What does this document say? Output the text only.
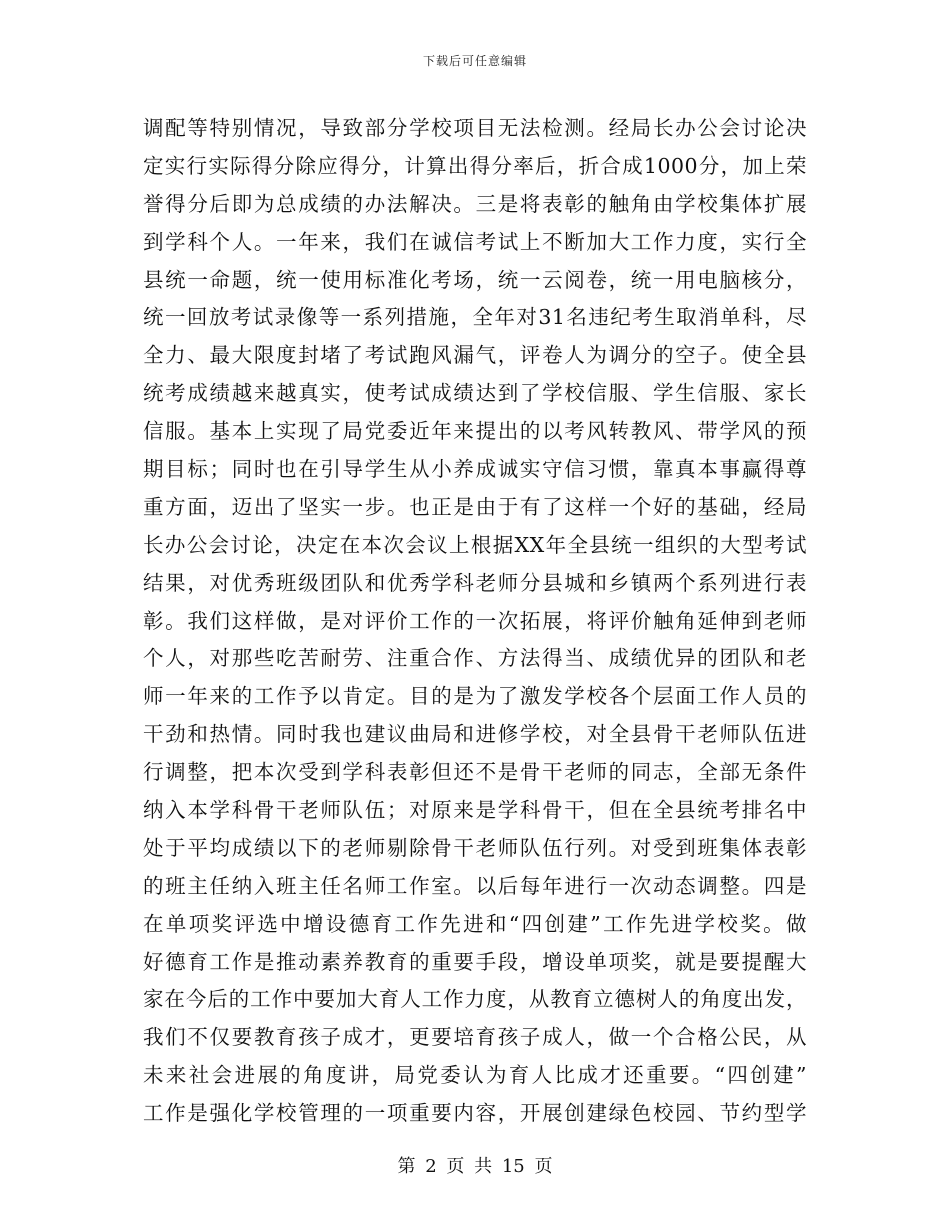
下载后可任意编辑
调配等特别情况，导致部分学校项目无法检测。经局长办公会讨论决
定实行实际得分除应得分，计算出得分率后，折合成1000分，加上荣
誉得分后即为总成绩的办法解决。三是将表彰的触角由学校集体扩展
到学科个人。一年来，我们在诚信考试上不断加大工作力度，实行全
县统一命题，统一使用标准化考场，统一云阅卷，统一用电脑核分，
统一回放考试录像等一系列措施，全年对31名违纪考生取消单科，尽
全力、最大限度封堵了考试跑风漏气，评卷人为调分的空子。使全县
统考成绩越来越真实，使考试成绩达到了学校信服、学生信服、家长
信服。基本上实现了局党委近年来提出的以考风转教风、带学风的预
期目标；同时也在引导学生从小养成诚实守信习惯，靠真本事赢得尊
重方面，迈出了坚实一步。也正是由于有了这样一个好的基础，经局
长办公会讨论，决定在本次会议上根据XX年全县统一组织的大型考试
结果，对优秀班级团队和优秀学科老师分县城和乡镇两个系列进行表
彰。我们这样做，是对评价工作的一次拓展，将评价触角延伸到老师
个人，对那些吃苦耐劳、注重合作、方法得当、成绩优异的团队和老
师一年来的工作予以肯定。目的是为了激发学校各个层面工作人员的
干劲和热情。同时我也建议曲局和进修学校，对全县骨干老师队伍进
行调整，把本次受到学科表彰但还不是骨干老师的同志，全部无条件
纳入本学科骨干老师队伍；对原来是学科骨干，但在全县统考排名中
处于平均成绩以下的老师剔除骨干老师队伍行列。对受到班集体表彰
的班主任纳入班主任名师工作室。以后每年进行一次动态调整。四是
在单项奖评选中增设德育工作先进和“四创建”工作先进学校奖。做
好德育工作是推动素养教育的重要手段，增设单项奖，就是要提醒大
家在今后的工作中要加大育人工作力度，从教育立德树人的角度出发，
我们不仅要教育孩子成才，更要培育孩子成人，做一个合格公民，从
未来社会进展的角度讲，局党委认为育人比成才还重要。“四创建”
工作是强化学校管理的一项重要内容，开展创建绿色校园、节约型学
第 2 页 共 15 页
